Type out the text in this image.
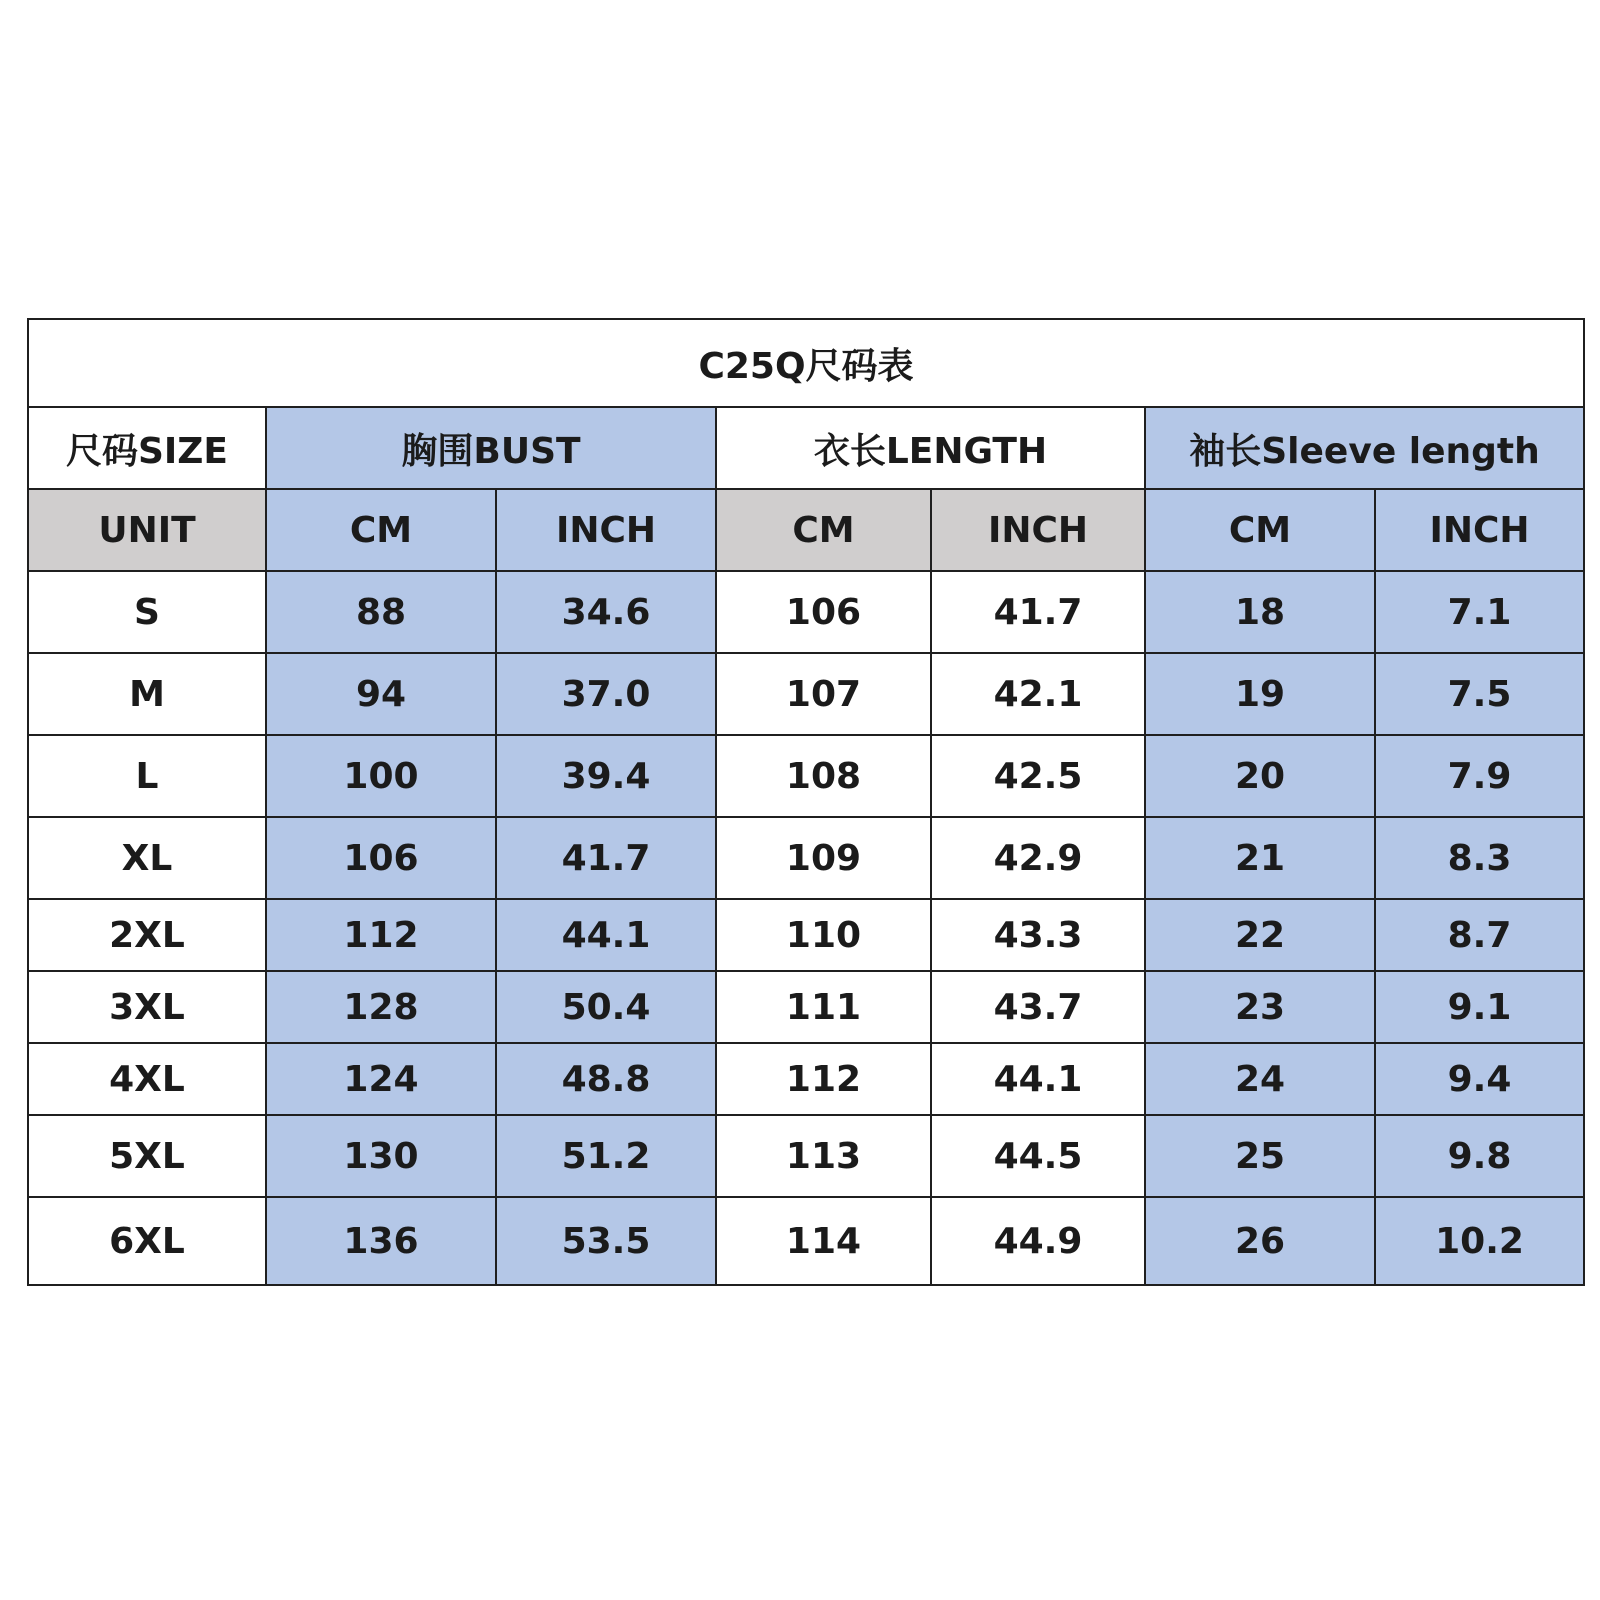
C25Q尺码表						
尺码SIZE	胸围BUST		衣长LENGTH		袖长Sleeve length	
UNIT	CM	INCH	CM	INCH	CM	INCH
S	88	34.6	106	41.7	18	7.1
M	94	37.0	107	42.1	19	7.5
L	100	39.4	108	42.5	20	7.9
XL	106	41.7	109	42.9	21	8.3
2XL	112	44.1	110	43.3	22	8.7
3XL	128	50.4	111	43.7	23	9.1
4XL	124	48.8	112	44.1	24	9.4
5XL	130	51.2	113	44.5	25	9.8
6XL	136	53.5	114	44.9	26	10.2
